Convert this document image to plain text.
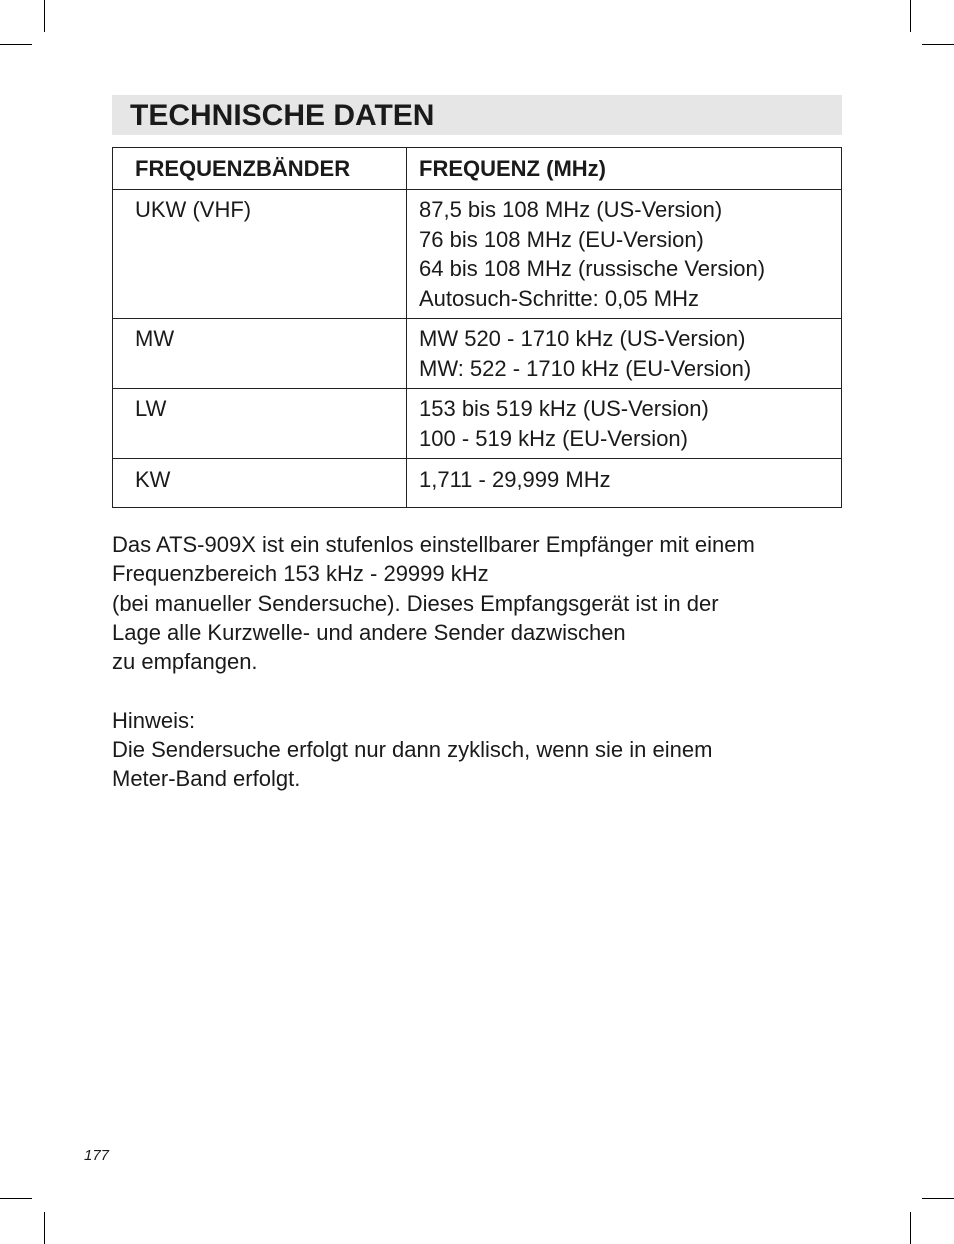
TECHNISCHE DATEN
FREQUENZBÄNDER	FREQUENZ (MHz)
UKW (VHF)	87,5 bis 108 MHz (US-Version)
76 bis 108 MHz (EU-Version)
64 bis 108 MHz (russische Version)
Autosuch-Schritte: 0,05 MHz

MW	MW 520 - 1710 kHz (US-Version)
MW: 522 - 1710 kHz (EU-Version)

LW	153 bis 519 kHz (US-Version)
100 - 519 kHz (EU-Version)

KW	1,711 - 29,999 MHz
Das ATS-909X ist ein stufenlos einstellbarer Empfänger mit einem
Frequenzbereich 153 kHz - 29999 kHz
(bei manueller Sendersuche). Dieses Empfangsgerät ist in der
Lage alle Kurzwelle- und andere Sender dazwischen
zu empfangen.
Hinweis:
Die Sendersuche erfolgt nur dann zyklisch, wenn sie in einem
Meter-Band erfolgt.
177
